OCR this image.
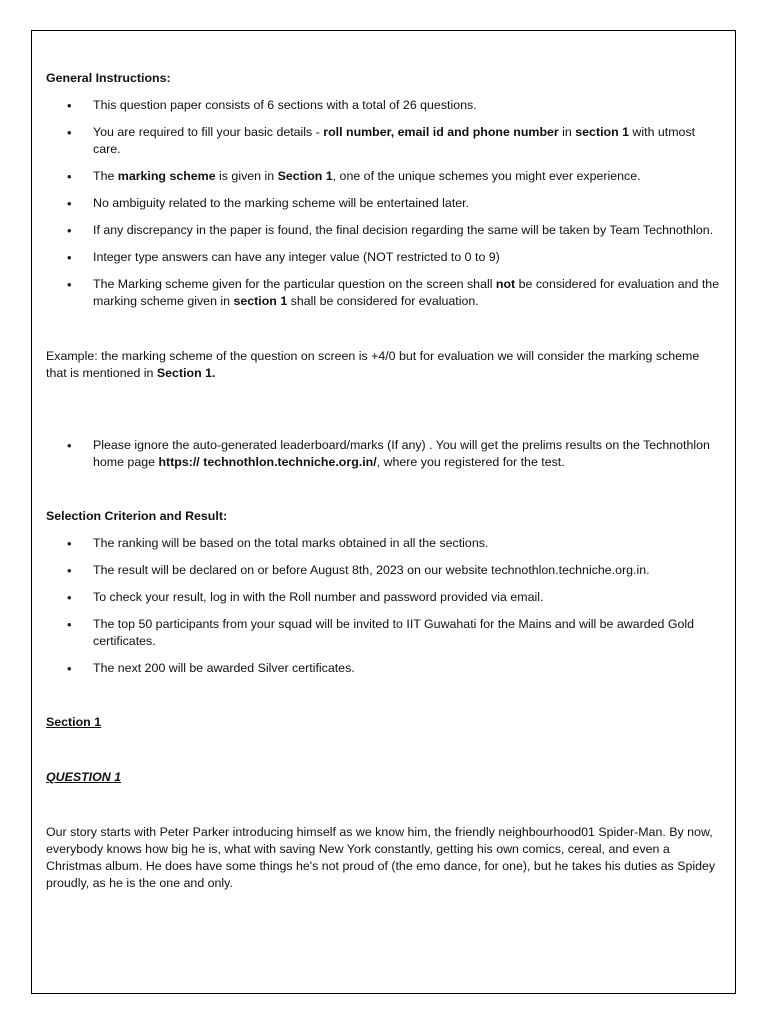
General Instructions:

• This question paper consists of 6 sections with a total of 26 questions.
• You are required to fill your basic details - roll number, email id and phone number in section 1 with utmost care.
• The marking scheme is given in Section 1, one of the unique schemes you might ever experience.
• No ambiguity related to the marking scheme will be entertained later.
• If any discrepancy in the paper is found, the final decision regarding the same will be taken by Team Technothlon.
• Integer type answers can have any integer value (NOT restricted to 0 to 9)
• The Marking scheme given for the particular question on the screen shall not be considered for evaluation and the marking scheme given in section 1 shall be considered for evaluation.

Example: the marking scheme of the question on screen is +4/0 but for evaluation we will consider the marking scheme that is mentioned in Section 1.

• Please ignore the auto-generated leaderboard/marks (If any) . You will get the prelims results on the Technothlon home page https:// technothlon.techniche.org.in/, where you registered for the test.

Selection Criterion and Result:

• The ranking will be based on the total marks obtained in all the sections.
• The result will be declared on or before August 8th, 2023 on our website technothlon.techniche.org.in.
• To check your result, log in with the Roll number and password provided via email.
• The top 50 participants from your squad will be invited to IIT Guwahati for the Mains and will be awarded Gold certificates.
• The next 200 will be awarded Silver certificates.

Section 1

QUESTION 1

Our story starts with Peter Parker introducing himself as we know him, the friendly neighbourhood01 Spider-Man. By now, everybody knows how big he is, what with saving New York constantly, getting his own comics, cereal, and even a Christmas album. He does have some things he's not proud of (the emo dance, for one), but he takes his duties as Spidey proudly, as he is the one and only.
